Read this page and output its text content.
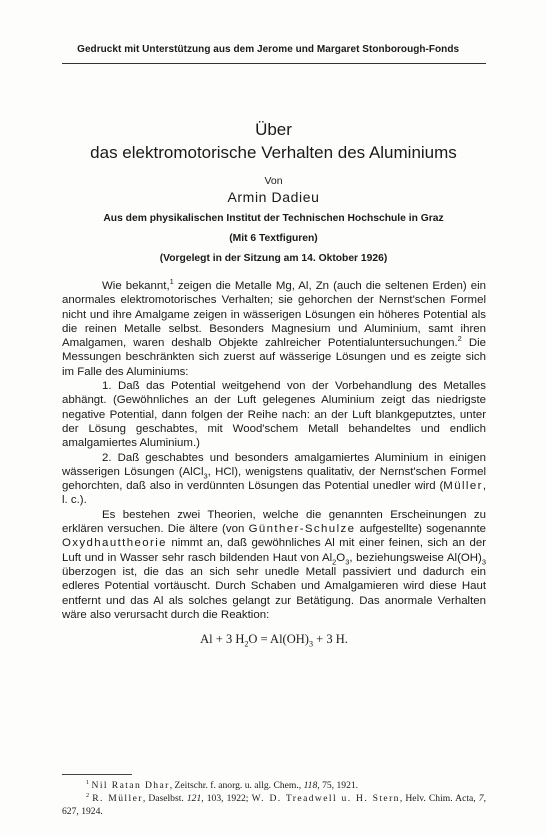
Gedruckt mit Unterstützung aus dem Jerome und Margaret Stonborough-Fonds
Über
das elektromotorische Verhalten des Aluminiums
Von
Armin Dadieu
Aus dem physikalischen Institut der Technischen Hochschule in Graz
(Mit 6 Textfiguren)
(Vorgelegt in der Sitzung am 14. Oktober 1926)

Wie bekannt,$^1$ zeigen die Metalle Mg, Al, Zn (auch die seltenen Erden) ein anormales elektromotorisches Verhalten; sie gehorchen der Nernst'schen Formel nicht und ihre Amalgame zeigen in wässerigen Lösungen ein höheres Potential als die reinen Metalle selbst. Besonders Magnesium und Aluminium, samt ihren Amalgamen, waren deshalb Objekte zahlreicher Potentialuntersuchungen.$^2$ Die Messungen beschränkten sich zuerst auf wässerige Lösungen und es zeigte sich im Falle des Aluminiums:

1. Daß das Potential weitgehend von der Vorbehandlung des Metalles abhängt. (Gewöhnliches an der Luft gelegenes Aluminium zeigt das niedrigste negative Potential, dann folgen der Reihe nach: an der Luft blankgeputztes, unter der Lösung geschabtes, mit Wood'schem Metall behandeltes und endlich amalgamiertes Aluminium.)

2. Daß geschabtes und besonders amalgamiertes Aluminium in einigen wässerigen Lösungen (AlCl$_3$, HCl), wenigstens qualitativ, der Nernst'schen Formel gehorchten, daß also in verdünnten Lösungen das Potential unedler wird (Müller, l. c.).

Es bestehen zwei Theorien, welche die genannten Erscheinungen zu erklären versuchen. Die ältere (von Günther-Schulze aufgestellte) sogenannte Oxydhauttheorie nimmt an, daß gewöhnliches Al mit einer feinen, sich an der Luft und in Wasser sehr rasch bildenden Haut von $Al_2O_3$, beziehungsweise $Al(OH)_3$ überzogen ist, die das an sich sehr unedle Metall passiviert und dadurch ein edleres Potential vortäuscht. Durch Schaben und Amalgamieren wird diese Haut entfernt und das Al als solches gelangt zur Betätigung. Das anormale Verhalten wäre also verursacht durch die Reaktion:

Al + 3 $H_2O = Al(OH)_3 + 3$ H.

$^1$ Nil Ratan Dhar, Zeitschr. f. anorg. u. allg. Chem., 118, 75, 1921.

$^2$ R. Müller, Daselbst. 121, 103, 1922; W. D. Treadwell u. H. Stern, Helv. Chim. Acta, 7, 627, 1924.
